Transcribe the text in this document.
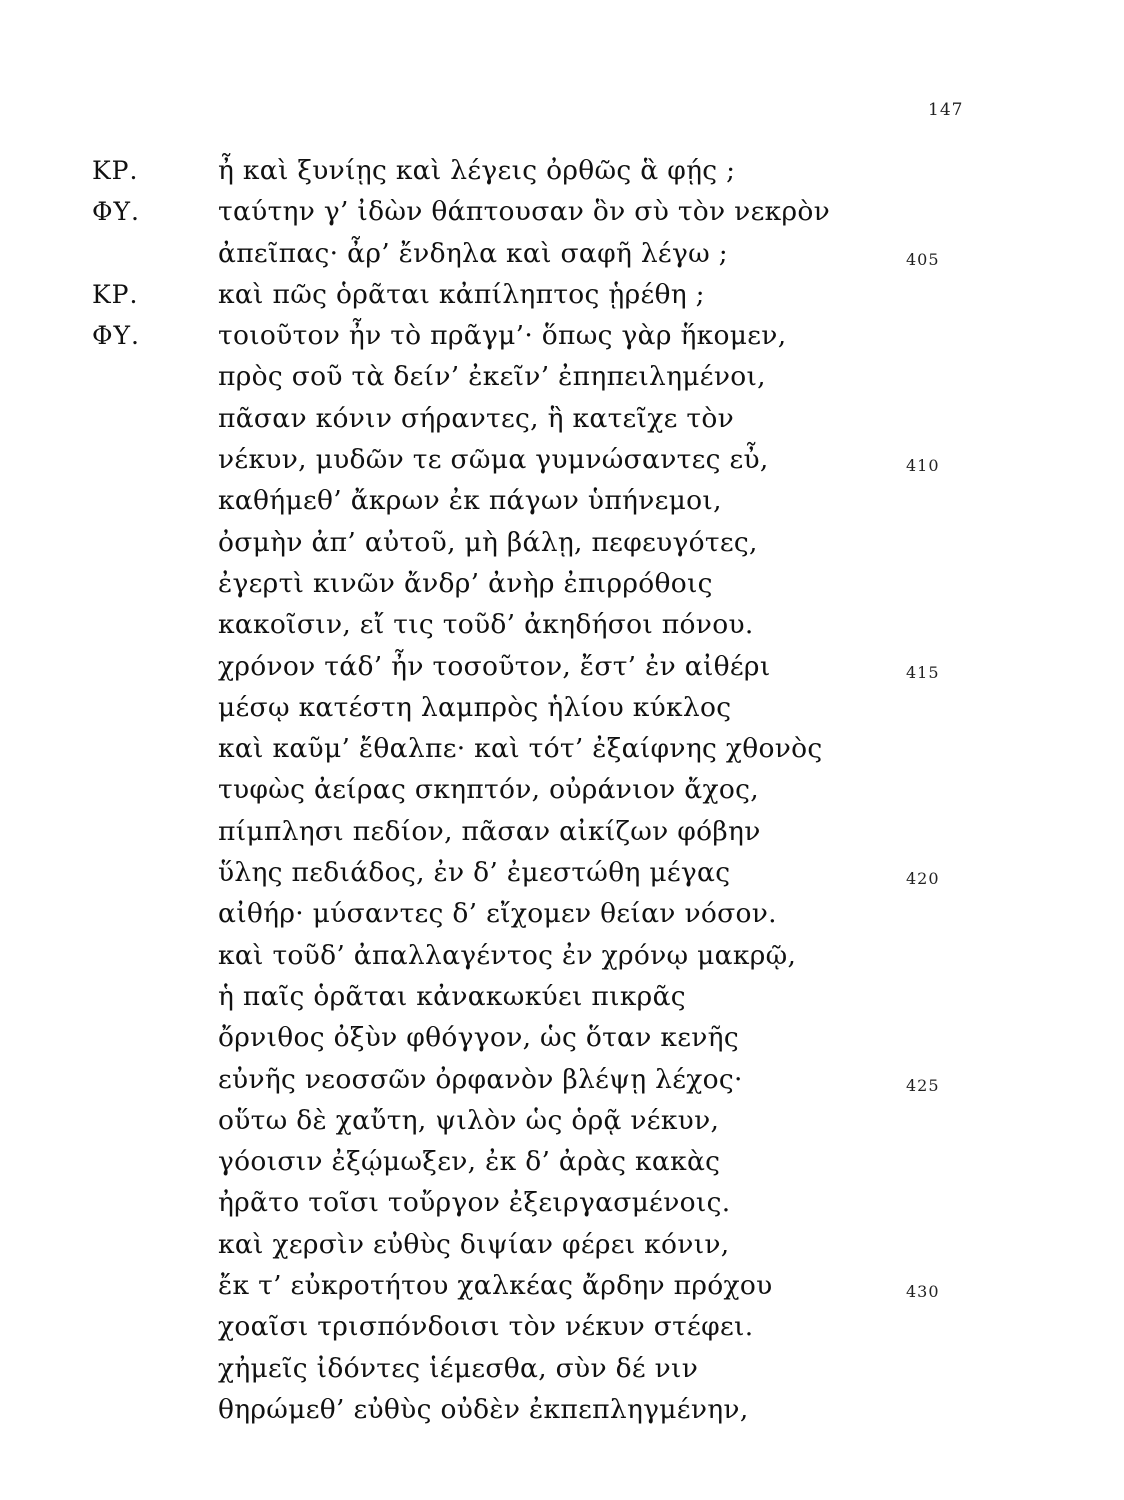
147
ΚΡ.	ἦ καὶ ξυνίῃς καὶ λέγεις ὀρθῶς ἃ φῄς ;
ΦΥ.	ταύτην γ’ ἰδὼν θάπτουσαν ὃν σὺ τὸν νεκρὸν
ἀπεῖπας· ἆρ’ ἔνδηλα καὶ σαφῆ λέγω ;	405
ΚΡ.	καὶ πῶς ὁρᾶται κἀπίληπτος ᾑρέθη ;
ΦΥ.	τοιοῦτον ἦν τὸ πρᾶγμ’· ὅπως γὰρ ἥκομεν,
πρὸς σοῦ τὰ δείν’ ἐκεῖν’ ἐπηπειλημένοι,
πᾶσαν κόνιν σήραντες, ἣ κατεῖχε τὸν
νέκυν, μυδῶν τε σῶμα γυμνώσαντες εὖ,	410
καθήμεθ’ ἄκρων ἐκ πάγων ὑπήνεμοι,
ὀσμὴν ἀπ’ αὐτοῦ, μὴ βάλῃ, πεφευγότες,
ἐγερτὶ κινῶν ἄνδρ’ ἀνὴρ ἐπιρρόθοις
κακοῖσιν, εἴ τις τοῦδ’ ἀκηδήσοι πόνου.
χρόνον τάδ’ ἦν τοσοῦτον, ἔστ’ ἐν αἰθέρι	415
μέσῳ κατέστη λαμπρὸς ἡλίου κύκλος
καὶ καῦμ’ ἔθαλπε· καὶ τότ’ ἐξαίφνης χθονὸς
τυφὼς ἀείρας σκηπτόν, οὐράνιον ἄχος,
πίμπλησι πεδίον, πᾶσαν αἰκίζων φόβην
ὕλης πεδιάδος, ἐν δ’ ἐμεστώθη μέγας	420
αἰθήρ· μύσαντες δ’ εἴχομεν θείαν νόσον.
καὶ τοῦδ’ ἀπαλλαγέντος ἐν χρόνῳ μακρῷ,
ἡ παῖς ὁρᾶται κἀνακωκύει πικρᾶς
ὄρνιθος ὀξὺν φθόγγον, ὡς ὅταν κενῆς
εὐνῆς νεοσσῶν ὀρφανὸν βλέψῃ λέχος·	425
οὕτω δὲ χαὔτη, ψιλὸν ὡς ὁρᾷ νέκυν,
γόοισιν ἐξῴμωξεν, ἐκ δ’ ἀρὰς κακὰς
ἠρᾶτο τοῖσι τοὔργον ἐξειργασμένοις.
καὶ χερσὶν εὐθὺς διψίαν φέρει κόνιν,
ἔκ τ’ εὐκροτήτου χαλκέας ἄρδην πρόχου	430
χοαῖσι τρισπόνδοισι τὸν νέκυν στέφει.
χἠμεῖς ἰδόντες ἱέμεσθα, σὺν δέ νιν
θηρώμεθ’ εὐθὺς οὐδὲν ἐκπεπληγμένην,
